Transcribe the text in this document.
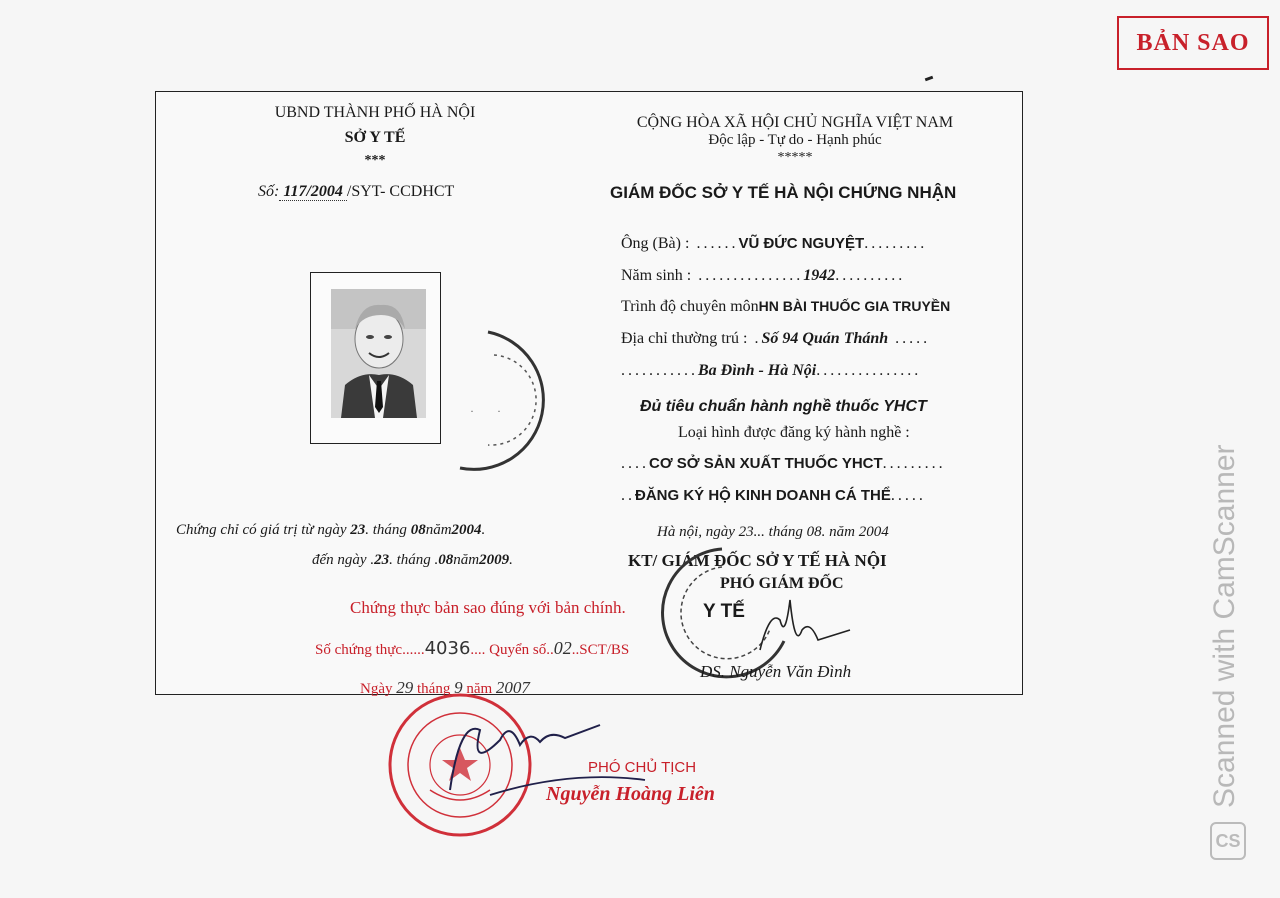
BẢN SAO
UBND THÀNH PHỐ HÀ NỘI
SỞ Y TẾ
***
Số: 117/2004 /SYT- CCDHCT
CỘNG HÒA XÃ HỘI CHỦ NGHĨA VIỆT NAM
Độc lập - Tự do - Hạnh phúc
*****
GIÁM ĐỐC SỞ Y TẾ HÀ NỘI CHỨNG NHẬN
· ·
Ông (Bà) : ......VŨ ĐỨC NGUYỆT.........
Năm sinh : ...............1942..........
Trình độ chuyên mônHN BÀI THUỐC GIA TRUYỀN
Địa chỉ thường trú : .Số 94 Quán Thánh .....
...........Ba Đình - Hà Nội...............
Đủ tiêu chuẩn hành nghề thuốc YHCT
Loại hình được đăng ký hành nghề :
....CƠ SỞ SẢN XUẤT THUỐC YHCT.........
..ĐĂNG KÝ HỘ KINH DOANH CÁ THỂ.....
Chứng chỉ có giá trị từ ngày 23. tháng 08năm2004.
đến ngày .23. tháng .08năm2009.
Hà nội, ngày 23... tháng 08. năm 2004
KT/ GIÁM ĐỐC SỞ Y TẾ HÀ NỘI
PHÓ GIÁM ĐỐC
Y TẾ
DS. Nguyễn Văn Đình
Chứng thực bản sao đúng với bản chính.
Số chứng thực......4036.... Quyển số..02..SCT/BS
Ngày 29 tháng 9 năm 2007
PHÓ CHỦ TỊCH
Nguyễn Hoàng Liên
CS
Scanned with CamScanner
